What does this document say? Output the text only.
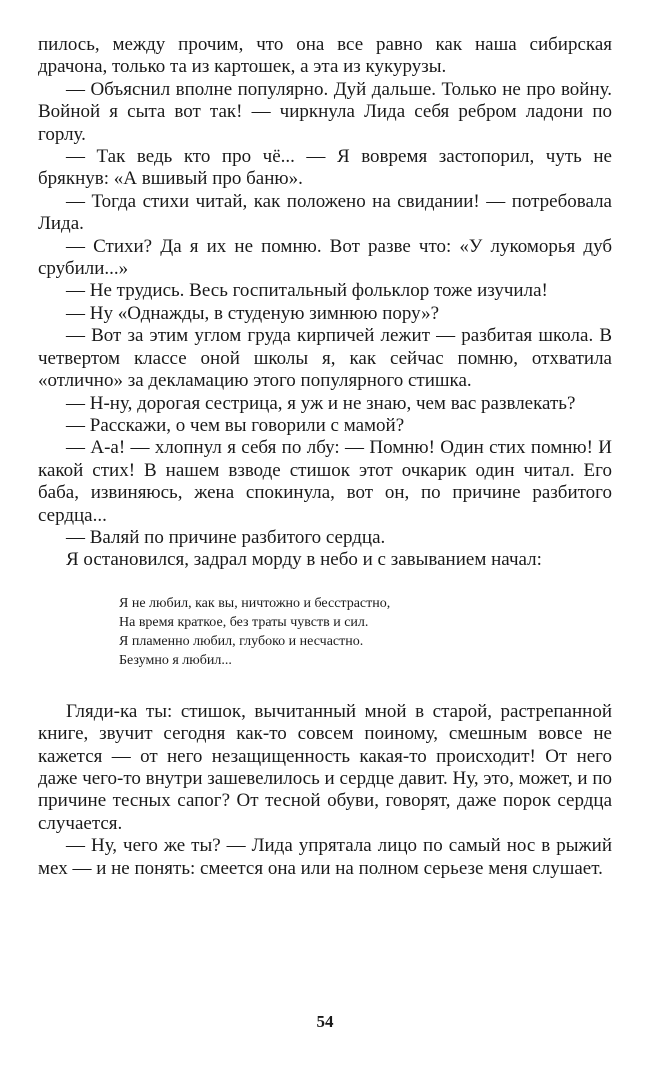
пилось, между прочим, что она все равно как наша сибирская драчона, только та из картошек, а эта из кукурузы.

— Объяснил вполне популярно. Дуй дальше. Только не про войну. Войной я сыта вот так! — чиркнула Лида себя ребром ладони по горлу.

— Так ведь кто про чё... — Я вовремя застопорил, чуть не брякнув: «А вшивый про баню».

— Тогда стихи читай, как положено на свидании! — потребовала Лида.

— Стихи? Да я их не помню. Вот разве что: «У лукоморья дуб срубили...»

— Не трудись. Весь госпитальный фольклор тоже изучила!

— Ну «Однажды, в студеную зимнюю пору»?

— Вот за этим углом груда кирпичей лежит — разбитая школа. В четвертом классе оной школы я, как сейчас помню, отхватила «отлично» за декламацию этого популярного стишка.

— Н-ну, дорогая сестрица, я уж и не знаю, чем вас развлекать?

— Расскажи, о чем вы говорили с мамой?

— А-а! — хлопнул я себя по лбу: — Помню! Один стих помню! И какой стих! В нашем взводе стишок этот очкарик один читал. Его баба, извиняюсь, жена спокинула, вот он, по причине разбитого сердца...

— Валяй по причине разбитого сердца.

Я остановился, задрал морду в небо и с завыванием начал:

Я не любил, как вы, ничтожно и бесстрастно,
На время краткое, без траты чувств и сил.
Я пламенно любил, глубоко и несчастно.
Безумно я любил...

Гляди-ка ты: стишок, вычитанный мной в старой, растрепанной книге, звучит сегодня как-то совсем поиному, смешным вовсе не кажется — от него незащищенность какая-то происходит! От него даже чего-то внутри зашевелилось и сердце давит. Ну, это, может, и по причине тесных сапог? От тесной обуви, говорят, даже порок сердца случается.

— Ну, чего же ты? — Лида упрятала лицо по самый нос в рыжий мех — и не понять: смеется она или на полном серьезе меня слушает.

54
